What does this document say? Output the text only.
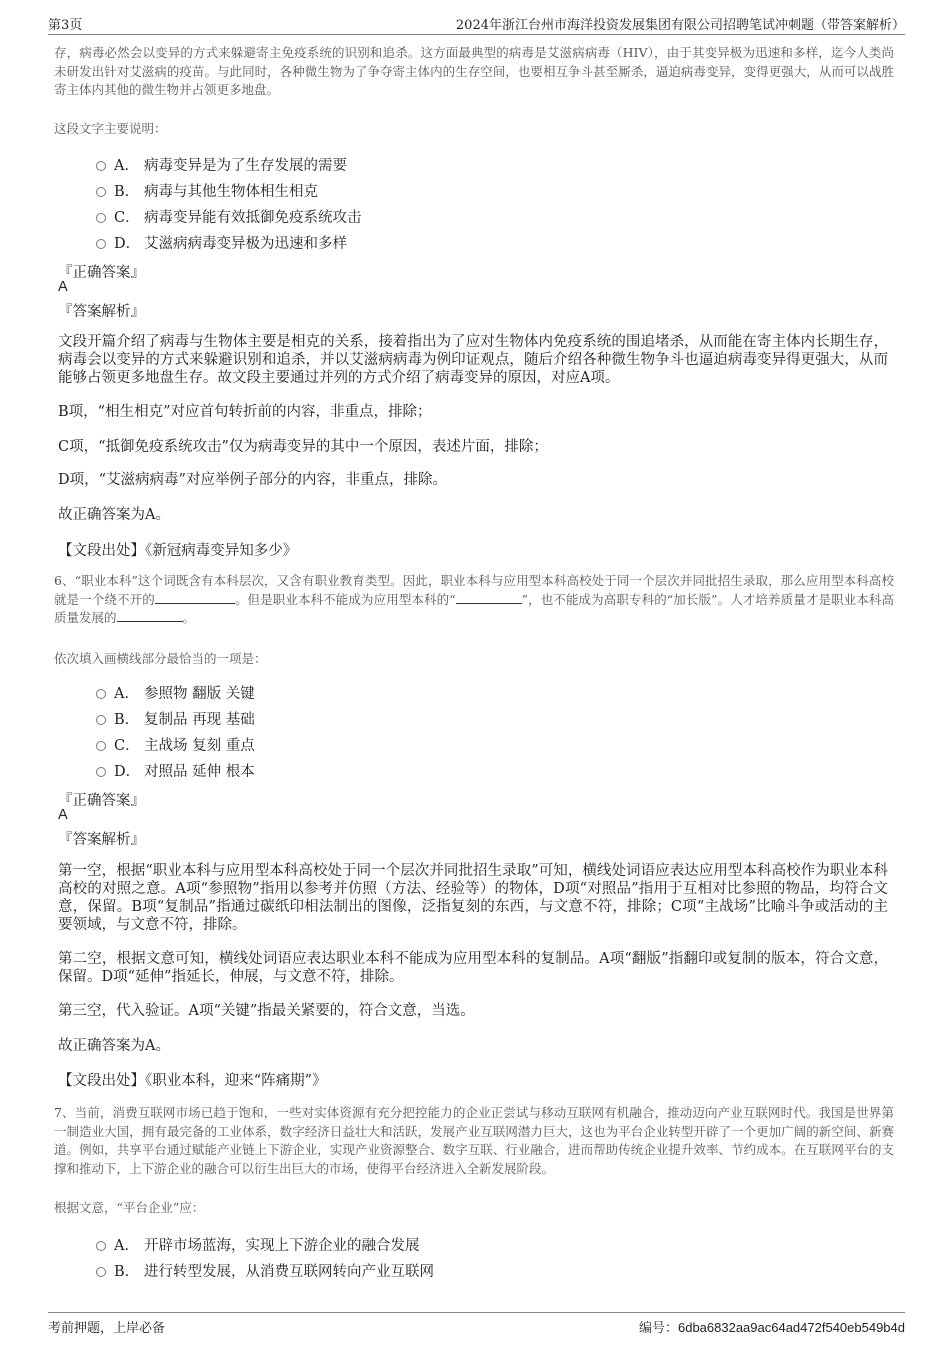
第3页	2024年浙江台州市海洋投资发展集团有限公司招聘笔试冲刺题（带答案解析）
存，病毒必然会以变异的方式来躲避寄主免疫系统的识别和追杀。这方面最典型的病毒是艾滋病病毒（HIV），由于其变异极为迅速和多样，迄今人类尚未研发出针对艾滋病的疫苗。与此同时，各种微生物为了争夺寄主体内的生存空间，也要相互争斗甚至厮杀，逼迫病毒变异，变得更强大，从而可以战胜寄主体内其他的微生物并占领更多地盘。
这段文字主要说明：
A． 病毒变异是为了生存发展的需要
B． 病毒与其他生物体相生相克
C． 病毒变异能有效抵御免疫系统攻击
D． 艾滋病病毒变异极为迅速和多样
『正确答案』
A
『答案解析』
文段开篇介绍了病毒与生物体主要是相克的关系，接着指出为了应对生物体内免疫系统的围追堵杀，从而能在寄主体内长期生存，病毒会以变异的方式来躲避识别和追杀，并以艾滋病病毒为例印证观点，随后介绍各种微生物争斗也逼迫病毒变异得更强大，从而能够占领更多地盘生存。故文段主要通过并列的方式介绍了病毒变异的原因，对应A项。
B项，“相生相克”对应首句转折前的内容，非重点，排除；
C项，“抵御免疫系统攻击”仅为病毒变异的其中一个原因，表述片面，排除；
D项，“艾滋病病毒”对应举例子部分的内容，非重点，排除。
故正确答案为A。
【文段出处】《新冠病毒变异知多少》
6、“职业本科”这个词既含有本科层次，又含有职业教育类型。因此，职业本科与应用型本科高校处于同一个层次并同批招生录取，那么应用型本科高校就是一个绕不开的	。但是职业本科不能成为应用型本科的“	”，也不能成为高职专科的“加长版”。人才培养质量才是职业本科高质量发展的	。
依次填入画横线部分最恰当的一项是：
A． 参照物 翻版 关键
B． 复制品 再现 基础
C． 主战场 复刻 重点
D． 对照品 延伸 根本
『正确答案』
A
『答案解析』
第一空，根据“职业本科与应用型本科高校处于同一个层次并同批招生录取”可知，横线处词语应表达应用型本科高校作为职业本科高校的对照之意。A项“参照物”指用以参考并仿照（方法、经验等）的物体，D项“对照品”指用于互相对比参照的物品，均符合文意，保留。B项“复制品”指通过碳纸印相法制出的图像，泛指复刻的东西，与文意不符，排除；C项“主战场”比喻斗争或活动的主要领域，与文意不符，排除。
第二空，根据文意可知，横线处词语应表达职业本科不能成为应用型本科的复制品。A项“翻版”指翻印或复制的版本，符合文意，保留。D项“延伸”指延长，伸展，与文意不符，排除。
第三空，代入验证。A项“关键”指最关紧要的，符合文意，当选。
故正确答案为A。
【文段出处】《职业本科，迎来“阵痛期”》
7、当前，消费互联网市场已趋于饱和，一些对实体资源有充分把控能力的企业正尝试与移动互联网有机融合，推动迈向产业互联网时代。我国是世界第一制造业大国，拥有最完备的工业体系，数字经济日益壮大和活跃，发展产业互联网潜力巨大，这也为平台企业转型开辟了一个更加广阔的新空间、新赛道。例如，共享平台通过赋能产业链上下游企业，实现产业资源整合、数字互联、行业融合，进而帮助传统企业提升效率、节约成本。在互联网平台的支撑和推动下，上下游企业的融合可以衍生出巨大的市场，使得平台经济进入全新发展阶段。
根据文意，“平台企业”应：
A． 开辟市场蓝海，实现上下游企业的融合发展
B． 进行转型发展，从消费互联网转向产业互联网
考前押题，上岸必备	编号：6dba6832aa9ac64ad472f540eb549b4d
